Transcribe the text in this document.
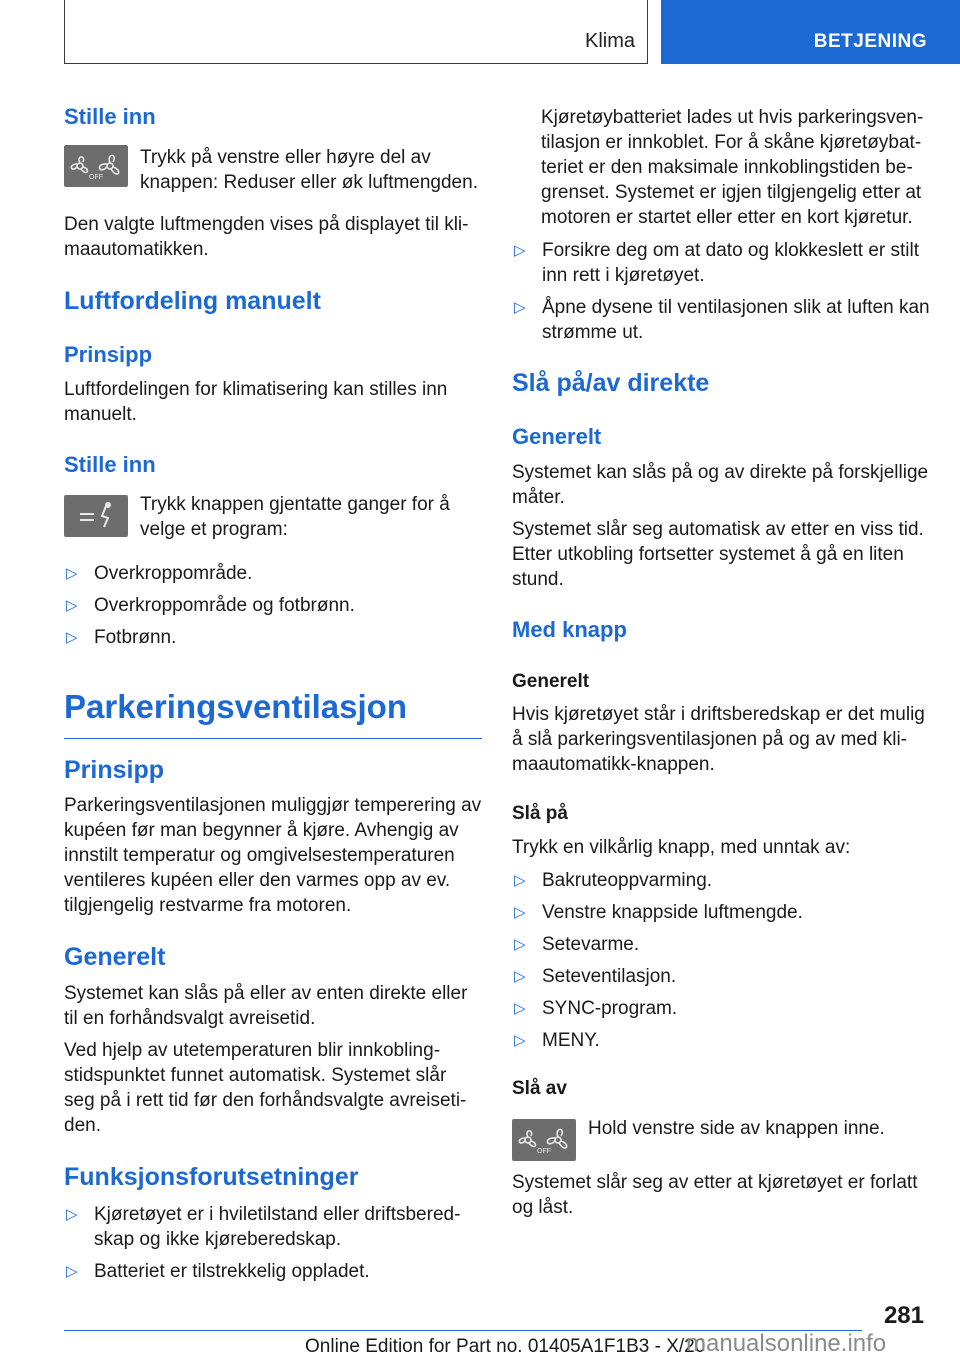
Klima	BETJENING
Stille inn
OFF

Trykk på venstre eller høyre del av knappen: Reduser eller øk luftmengden.

Den valgte luftmengden vises på displayet til klimaautomatikken.

Luftfordeling manuelt
Prinsipp

Luftfordelingen for klimatisering kan stilles inn manuelt.

Stille inn

Trykk knappen gjentatte ganger for å velge et program:

▷ Overkroppområde.
▷ Overkroppområde og fotbrønn.
▷ Fotbrønn.
Parkeringsventilasjon
Prinsipp

Parkeringsventilasjonen muliggjør temperering av kupéen før man begynner å kjøre. Avhengig av innstilt temperatur og omgivelsestemperaturen ventileres kupéen eller den varmes opp av ev. tilgjengelig restvarme fra motoren.

Generelt

Systemet kan slås på eller av enten direkte eller til en forhåndsvalgt avreisetid.

Ved hjelp av utetemperaturen blir innkoblingstidspunktet funnet automatisk. Systemet slår seg på i rett tid før den forhåndsvalgte avreisetiden.

Funksjonsforutsetninger
▷ Kjøretøyet er i hviletilstand eller driftsberedskap og ikke kjøreberedskap.
▷ Batteriet er tilstrekkelig oppladet.

Kjøretøybatteriet lades ut hvis parkeringsventilasjon er innkoblet. For å skåne kjøretøybatteriet er den maksimale innkoblingstiden begrenset. Systemet er igjen tilgjengelig etter at motoren er startet eller etter en kort kjøretur.

▷ Forsikre deg om at dato og klokkeslett er stilt inn rett i kjøretøyet.
▷ Åpne dysene til ventilasjonen slik at luften kan strømme ut.
Slå på/av direkte
Generelt

Systemet kan slås på og av direkte på forskjellige måter.

Systemet slår seg automatisk av etter en viss tid. Etter utkobling fortsetter systemet å gå en liten stund.

Med knapp
Generelt

Hvis kjøretøyet står i driftsberedskap er det mulig å slå parkeringsventilasjonen på og av med klimaautomatikk-knappen.

Slå på

Trykk en vilkårlig knapp, med unntak av:

▷ Bakruteoppvarming.
▷ Venstre knappside luftmengde.
▷ Setevarme.
▷ Seteventilasjon.
▷ SYNC-program.
▷ MENY.
Slå av
OFF

Hold venstre side av knappen inne.

Systemet slår seg av etter at kjøretøyet er forlatt og låst.

281
Online Edition for Part no. 01405A1F1B3 - X/20
manualsonline.info
